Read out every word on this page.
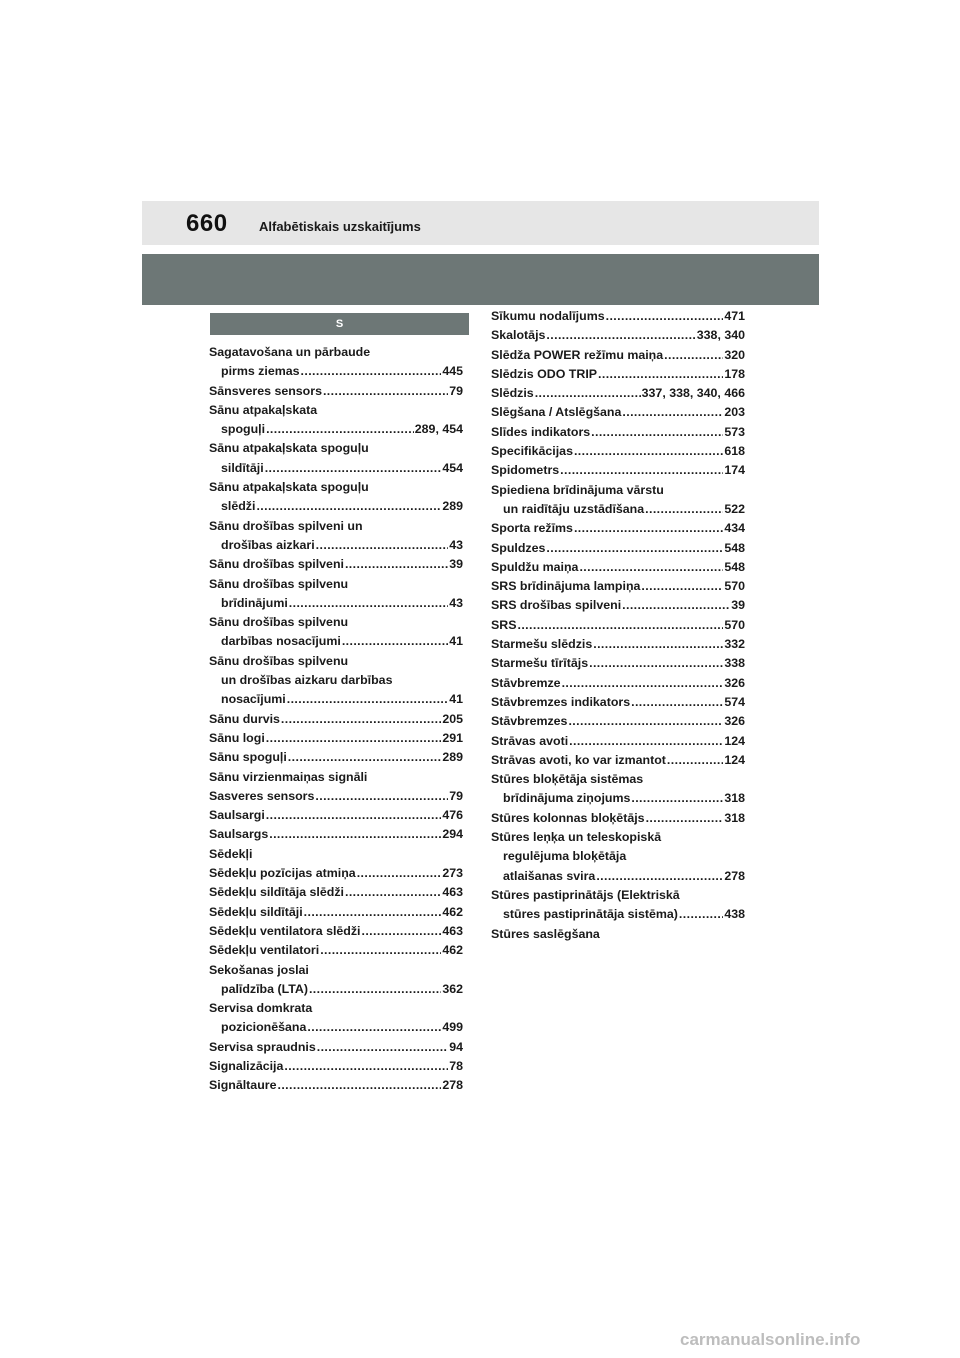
660 Alfabētiskais uzskaitījums
S
Sagatavošana un pārbaude
pirms ziemas .....	445
Sānsveres sensors .....	79
Sānu atpakaļskata
spoguļi .....	289, 454
Sānu atpakaļskata spoguļu
sildītāji .....	454
Sānu atpakaļskata spoguļu
slēdži .....	289
Sānu drošības spilveni un
drošības aizkari .....	43
Sānu drošības spilveni .....	39
Sānu drošības spilvenu
brīdinājumi .....	43
Sānu drošības spilvenu
darbības nosacījumi .....	41
Sānu drošības spilvenu
un drošības aizkaru darbības
nosacījumi .....	41
Sānu durvis .....	205
Sānu logi .....	291
Sānu spoguļi .....	289
Sānu virzienmaiņas signāli
Sasveres sensors .....	79
Saulsargi .....	476
Saulsargs .....	294
Sēdekļi
Sēdekļu pozīcijas atmiņa .....	273
Sēdekļu sildītāja slēdži .....	463
Sēdekļu sildītāji .....	462
Sēdekļu ventilatora slēdži .....	463
Sēdekļu ventilatori .....	462
Sekošanas joslai
palīdzība (LTA) .....	362
Servisa domkrata
pozicionēšana .....	499
Servisa spraudnis .....	94
Signalizācija .....	78
Signāltaure .....	278
Sīkumu nodalījums .....	471
Skalotājs .....	338, 340
Slēdža POWER režīmu maiņa .....	320
Slēdzis ODO TRIP .....	178
Slēdzis .....	337, 338, 340, 466
Slēgšana / Atslēgšana .....	203
Slīdes indikators .....	573
Specifikācijas .....	618
Spidometrs .....	174
Spiediena brīdinājuma vārstu
un raidītāju uzstādīšana .....	522
Sporta režīms .....	434
Spuldzes .....	548
Spuldžu maiņa .....	548
SRS brīdinājuma lampiņa .....	570
SRS drošības spilveni .....	39
SRS .....	570
Starmešu slēdzis .....	332
Starmešu tīrītājs .....	338
Stāvbremze .....	326
Stāvbremzes indikators .....	574
Stāvbremzes .....	326
Strāvas avoti .....	124
Strāvas avoti, ko var izmantot .....	124
Stūres bloķētāja sistēmas
brīdinājuma ziņojums .....	318
Stūres kolonnas bloķētājs .....	318
Stūres leņķa un teleskopiskā
regulējuma bloķētāja
atlaišanas svira .....	278
Stūres pastiprinātājs (Elektriskā
stūres pastiprinātāja sistēma) .....	438
Stūres saslēgšana
carmanualsonline.info
